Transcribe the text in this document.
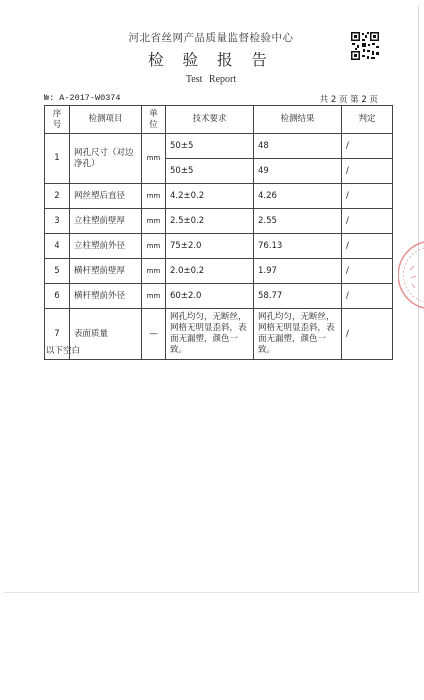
河北省丝网产品质量监督检验中心
检 验 报 告
Test Report
№: A-2017-W0374	共 2 页 第 2 页
序号	检测项目	单位	技术要求	检测结果	判定
1	网孔尺寸（对边净孔）	mm	50±5	48	/
			50±5	49	/
2	网丝塑后直径	mm	4.2±0.2	4.26	/
3	立柱塑前壁厚	mm	2.5±0.2	2.55	/
4	立柱塑前外径	mm	75±2.0	76.13	/
5	横杆塑前壁厚	mm	2.0±0.2	1.97	/
6	横杆塑前外径	mm	60±2.0	58.77	/
7	表面质量	—	网孔均匀，无断丝，网格无明显歪斜，表面无漏塑，颜色一致。	网孔均匀，无断丝，网格无明显歪斜，表面无漏塑，颜色一致。	/
以下空白
